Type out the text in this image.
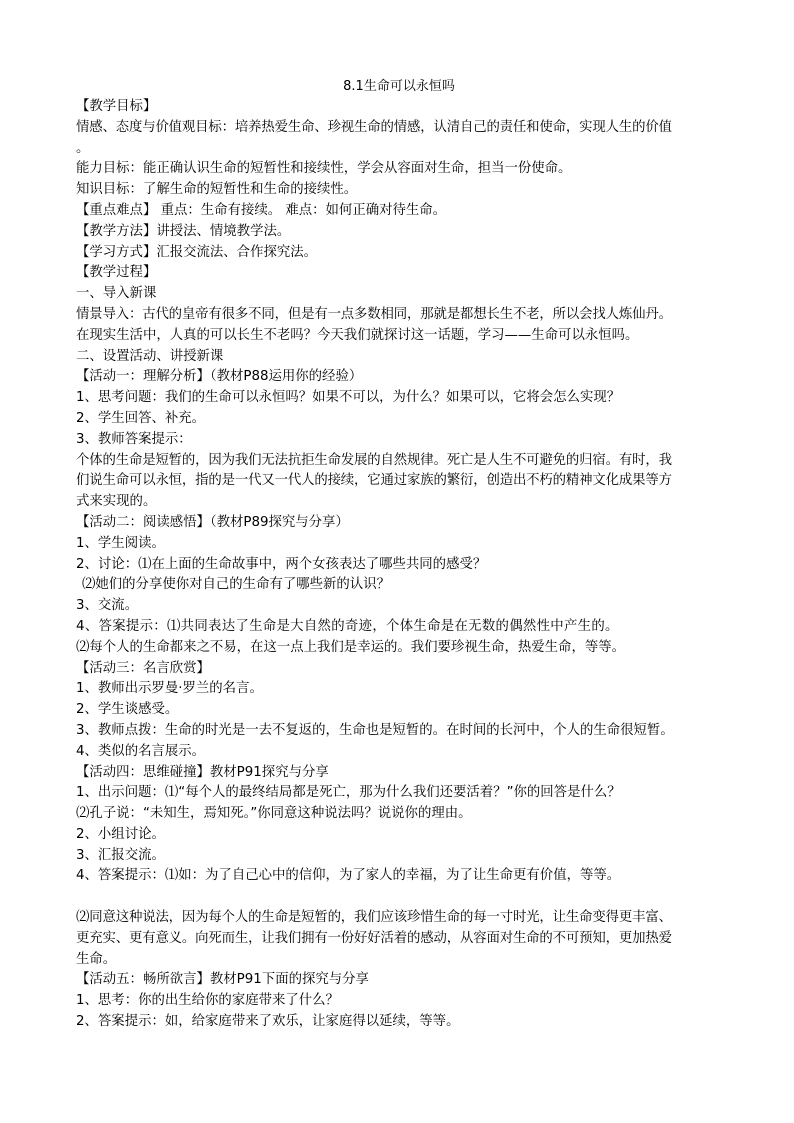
8.1生命可以永恒吗

【教学目标】

情感、态度与价值观目标：培养热爱生命、珍视生命的情感，认清自己的责任和使命，实现人生的价值

。

能力目标：能正确认识生命的短暂性和接续性，学会从容面对生命，担当一份使命。

知识目标：了解生命的短暂性和生命的接续性。

【重点难点】 重点：生命有接续。 难点：如何正确对待生命。

【教学方法】讲授法、情境教学法。

【学习方式】汇报交流法、合作探究法。

【教学过程】

一、导入新课

情景导入：古代的皇帝有很多不同，但是有一点多数相同，那就是都想长生不老，所以会找人炼仙丹。

在现实生活中，人真的可以长生不老吗？今天我们就探讨这一话题，学习——生命可以永恒吗。

二、设置活动、讲授新课

【活动一：理解分析】（教材P88运用你的经验）

1、思考问题：我们的生命可以永恒吗？如果不可以，为什么？如果可以，它将会怎么实现？

2、学生回答、补充。

3、教师答案提示：

个体的生命是短暂的，因为我们无法抗拒生命发展的自然规律。死亡是人生不可避免的归宿。有时，我

们说生命可以永恒，指的是一代又一代人的接续，它通过家族的繁衍，创造出不朽的精神文化成果等方

式来实现的。

【活动二：阅读感悟】（教材P89探究与分享）

1、学生阅读。

2、讨论：⑴在上面的生命故事中，两个女孩表达了哪些共同的感受？

⑵她们的分享使你对自己的生命有了哪些新的认识？

3、交流。

4、答案提示：⑴共同表达了生命是大自然的奇迹，个体生命是在无数的偶然性中产生的。

⑵每个人的生命都来之不易，在这一点上我们是幸运的。我们要珍视生命，热爱生命，等等。

【活动三：名言欣赏】

1、教师出示罗曼·罗兰的名言。

2、学生谈感受。

3、教师点拨：生命的时光是一去不复返的，生命也是短暂的。在时间的长河中，个人的生命很短暂。

4、类似的名言展示。

【活动四：思维碰撞】教材P91探究与分享

1、出示问题：⑴“每个人的最终结局都是死亡，那为什么我们还要活着？”你的回答是什么？

⑵孔子说：“未知生，焉知死。”你同意这种说法吗？说说你的理由。

2、小组讨论。

3、汇报交流。

4、答案提示：⑴如：为了自己心中的信仰，为了家人的幸福，为了让生命更有价值，等等。

⑵同意这种说法，因为每个人的生命是短暂的，我们应该珍惜生命的每一寸时光，让生命变得更丰富、

更充实、更有意义。向死而生，让我们拥有一份好好活着的感动，从容面对生命的不可预知，更加热爱

生命。

【活动五：畅所欲言】教材P91下面的探究与分享

1、思考：你的出生给你的家庭带来了什么？

2、答案提示：如，给家庭带来了欢乐，让家庭得以延续，等等。
